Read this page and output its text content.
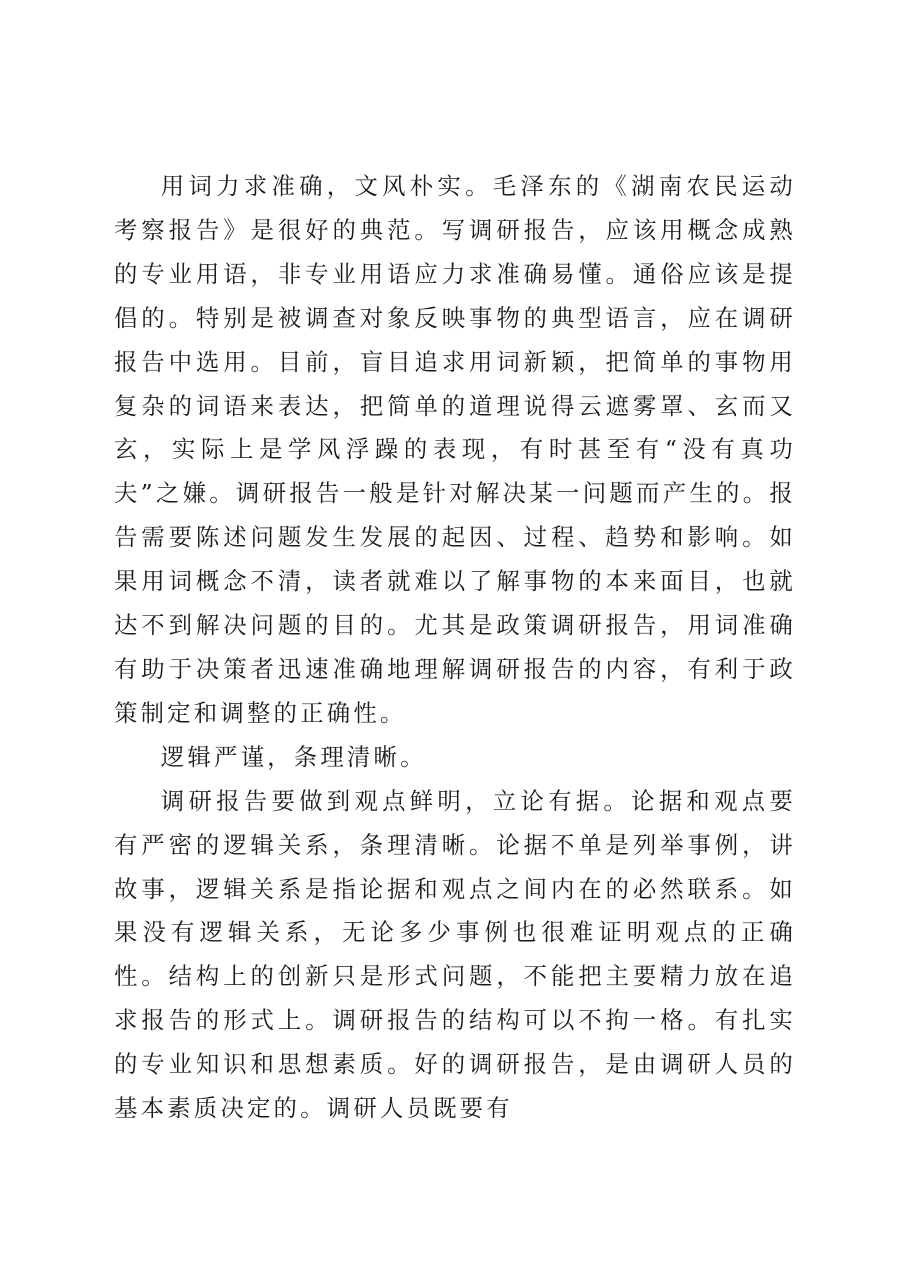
用词力求准确，文风朴实。毛泽东的《湖南农民运动考察报告》是很好的典范。写调研报告，应该用概念成熟的专业用语，非专业用语应力求准确易懂。通俗应该是提倡的。特别是被调查对象反映事物的典型语言，应在调研报告中选用。目前，盲目追求用词新颖，把简单的事物用复杂的词语来表达，把简单的道理说得云遮雾罩、玄而又玄，实际上是学风浮躁的表现，有时甚至有“没有真功夫”之嫌。调研报告一般是针对解决某一问题而产生的。报告需要陈述问题发生发展的起因、过程、趋势和影响。如果用词概念不清，读者就难以了解事物的本来面目，也就达不到解决问题的目的。尤其是政策调研报告，用词准确有助于决策者迅速准确地理解调研报告的内容，有利于政策制定和调整的正确性。

逻辑严谨，条理清晰。

调研报告要做到观点鲜明，立论有据。论据和观点要有严密的逻辑关系，条理清晰。论据不单是列举事例，讲故事，逻辑关系是指论据和观点之间内在的必然联系。如果没有逻辑关系，无论多少事例也很难证明观点的正确性。结构上的创新只是形式问题，不能把主要精力放在追求报告的形式上。调研报告的结构可以不拘一格。有扎实的专业知识和思想素质。好的调研报告，是由调研人员的基本素质决定的。调研人员既要有
